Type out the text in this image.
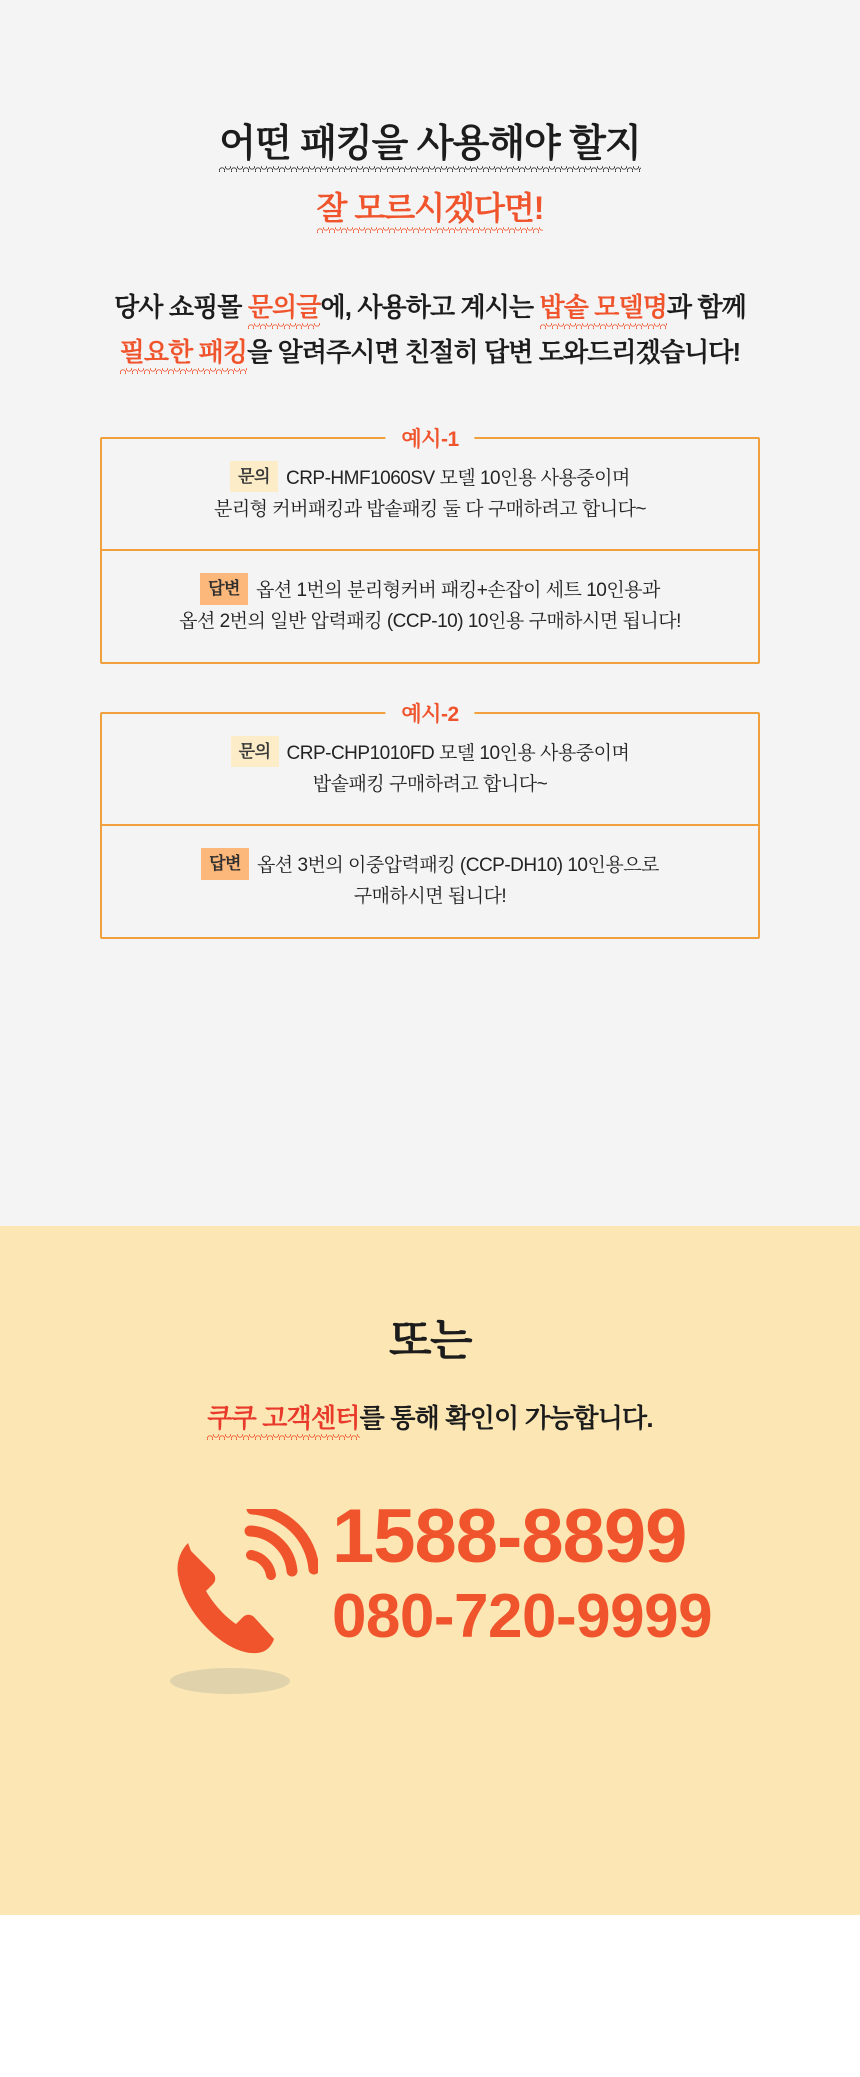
어떤 패킹을 사용해야 할지
잘 모르시겠다면!
당사 쇼핑몰 문의글에, 사용하고 계시는 밥솥 모델명과 함께
필요한 패킹을 알려주시면 친절히 답변 도와드리겠습니다!
예시-1
문의 CRP-HMF1060SV 모델 10인용 사용중이며
분리형 커버패킹과 밥솥패킹 둘 다 구매하려고 합니다~
답변 옵션 1번의 분리형커버 패킹+손잡이 세트 10인용과
옵션 2번의 일반 압력패킹 (CCP-10) 10인용 구매하시면 됩니다!
예시-2
문의 CRP-CHP1010FD 모델 10인용 사용중이며
밥솥패킹 구매하려고 합니다~
답변 옵션 3번의 이중압력패킹 (CCP-DH10) 10인용으로
구매하시면 됩니다!
또는
쿠쿠 고객센터를 통해 확인이 가능합니다.
1588-8899
080-720-9999
